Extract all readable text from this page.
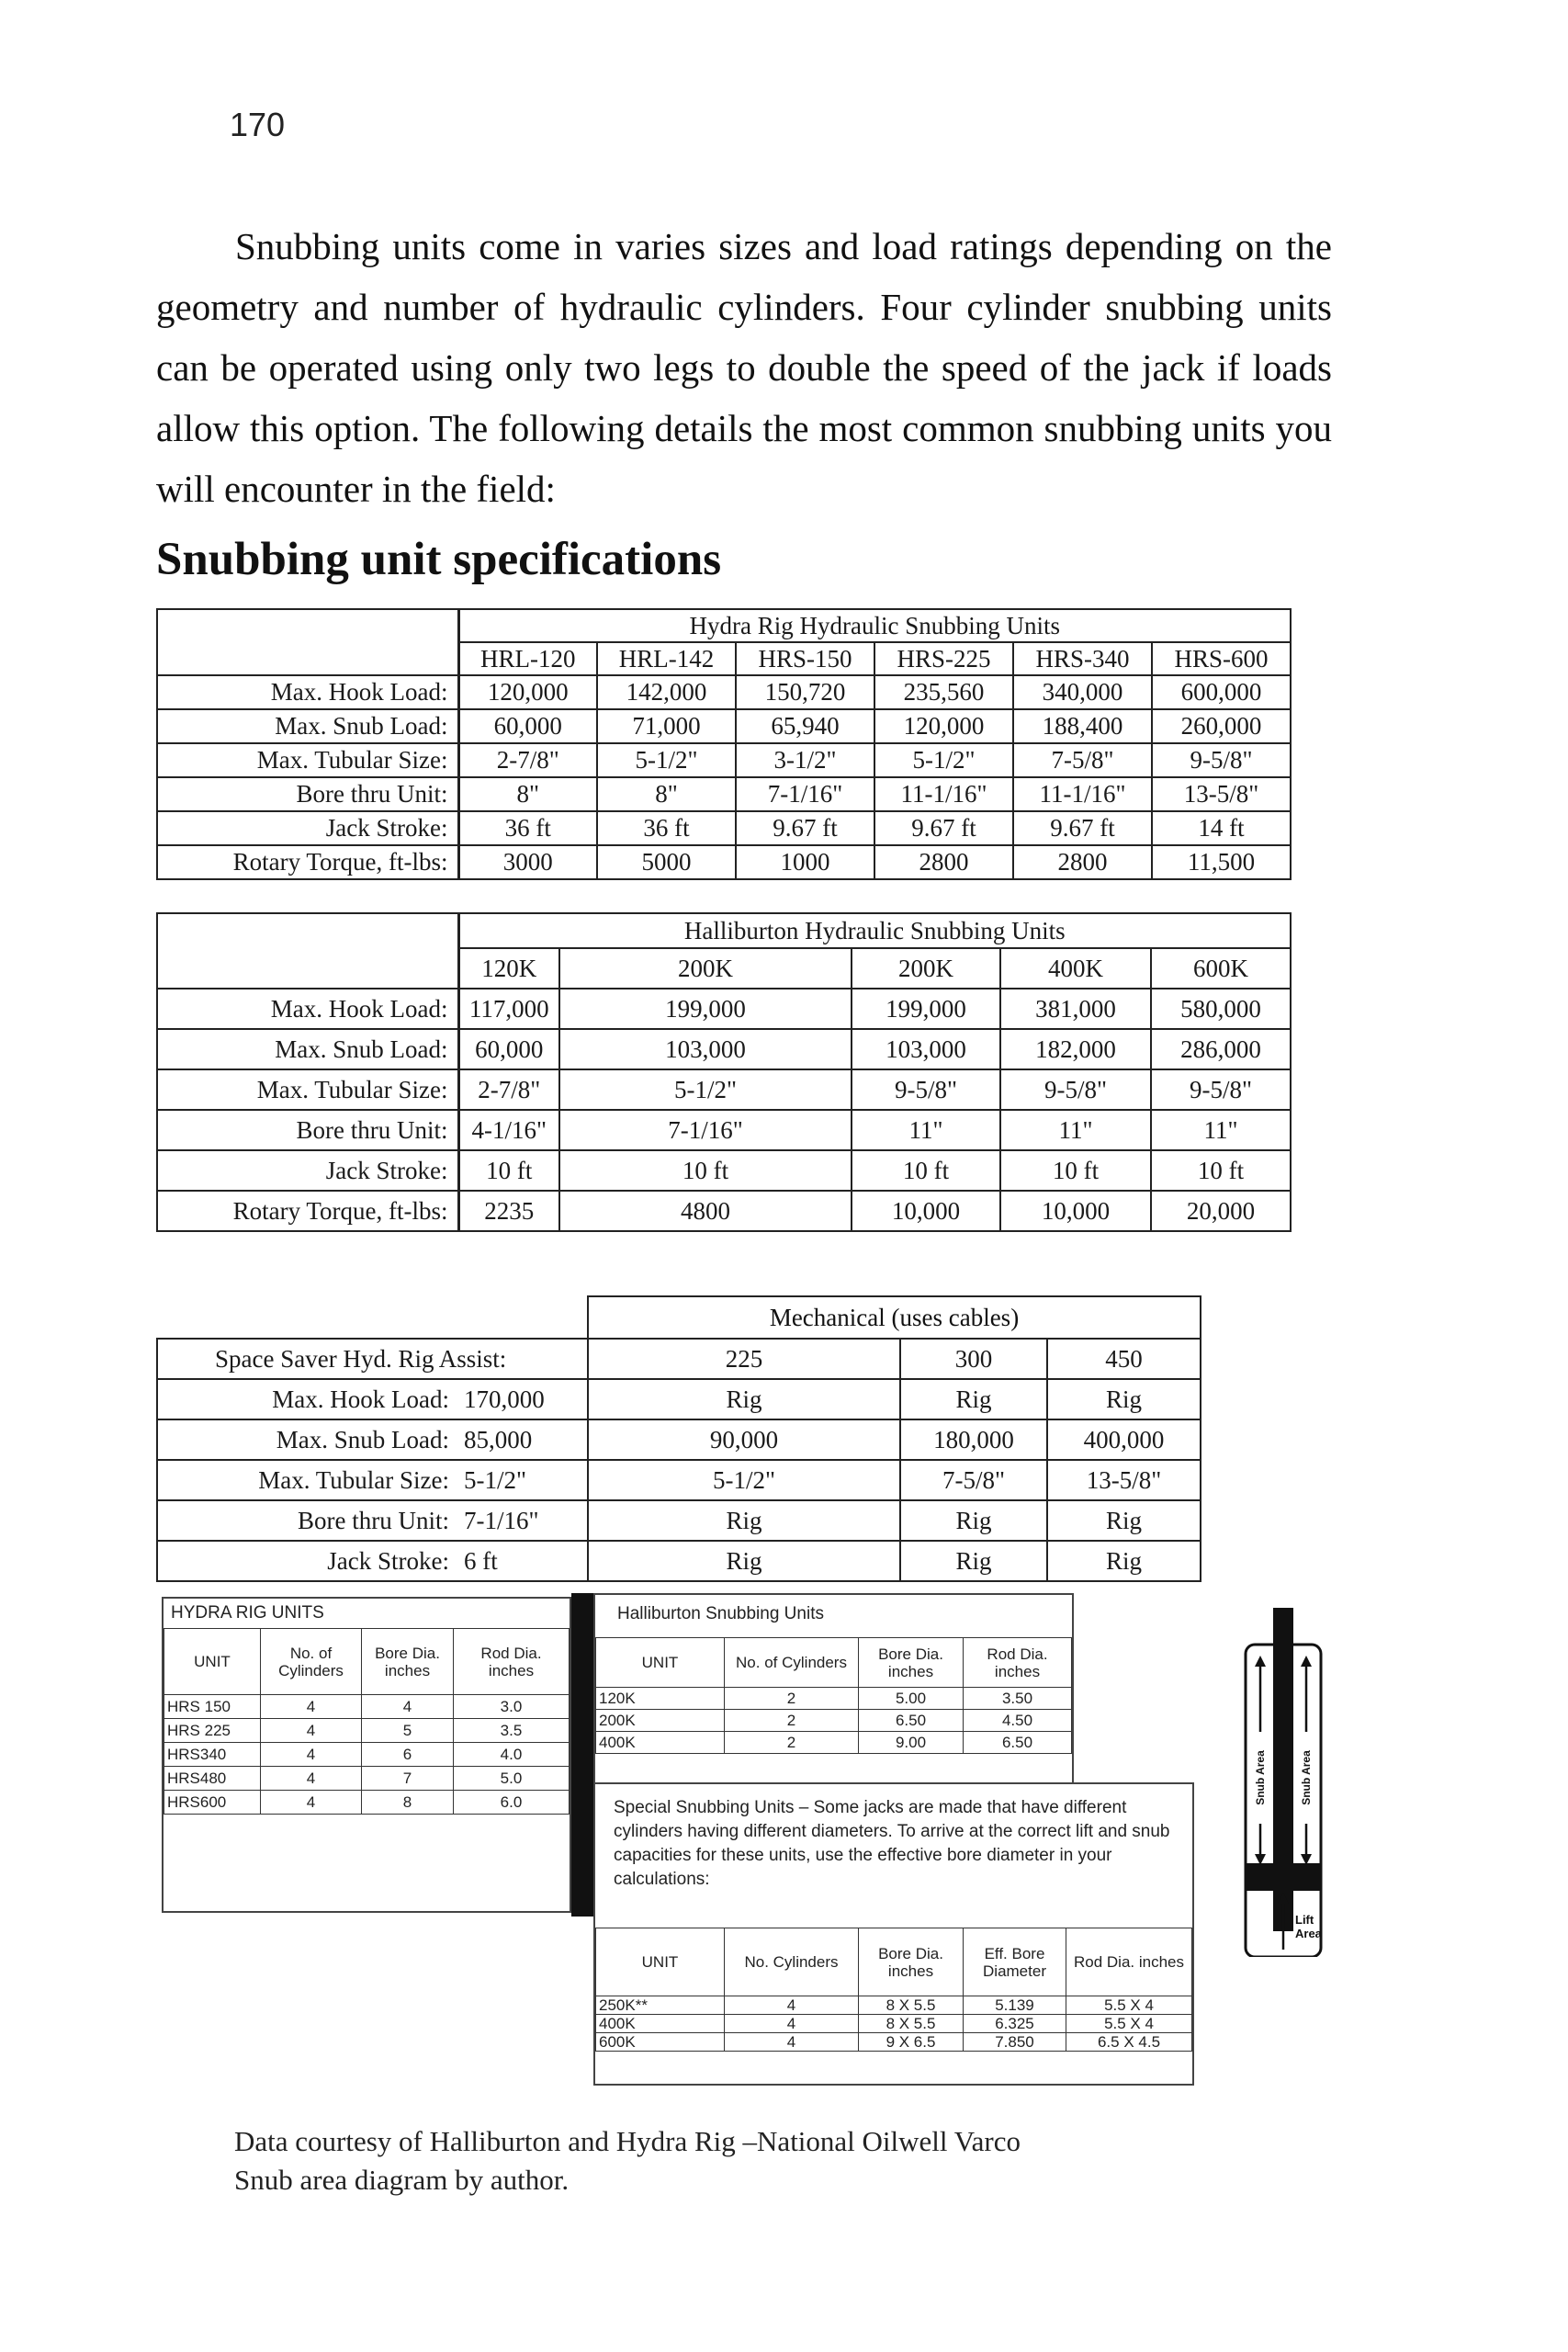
170

Snubbing units come in varies sizes and load ratings depending on the geometry and number of hydraulic cylinders. Four cylinder snubbing units can be operated using only two legs to double the speed of the jack if loads allow this option. The following details the most common snubbing units you will encounter in the field:

Snubbing unit specifications
	Hydra Rig Hydraulic Snubbing Units					
	HRL-120	HRL-142	HRS-150	HRS-225	HRS-340	HRS-600
Max. Hook Load:	120,000	142,000	150,720	235,560	340,000	600,000
Max. Snub Load:	60,000	71,000	65,940	120,000	188,400	260,000
Max. Tubular Size:	2-7/8"	5-1/2"	3-1/2"	5-1/2"	7-5/8"	9-5/8"
Bore thru Unit:	8"	8"	7-1/16"	11-1/16"	11-1/16"	13-5/8"
Jack Stroke:	36 ft	36 ft	9.67 ft	9.67 ft	9.67 ft	14 ft
Rotary Torque, ft-lbs:	3000	5000	1000	2800	2800	11,500
	Halliburton Hydraulic Snubbing Units				
	120K	200K	200K	400K	600K
Max. Hook Load:	117,000	199,000	199,000	381,000	580,000
Max. Snub Load:	60,000	103,000	103,000	182,000	286,000
Max. Tubular Size:	2-7/8"	5-1/2"	9-5/8"	9-5/8"	9-5/8"
Bore thru Unit:	4-1/16"	7-1/16"	11"	11"	11"
Jack Stroke:	10 ft	10 ft	10 ft	10 ft	10 ft
Rotary Torque, ft-lbs:	2235	4800	10,000	10,000	20,000
Mechanical (uses cables)
Space Saver Hyd. Rig Assist:		225	300	450
Max. Hook Load:	170,000	Rig	Rig	Rig
Max. Snub Load:	85,000	90,000	180,000	400,000
Max. Tubular Size:	5-1/2"	5-1/2"	7-5/8"	13-5/8"
Bore thru Unit:	7-1/16"	Rig	Rig	Rig
Jack Stroke:	6 ft	Rig	Rig	Rig
HYDRA RIG UNITS
UNIT	No. of Cylinders	Bore Dia. inches	Rod Dia. inches
HRS 150	4	4	3.0
HRS 225	4	5	3.5
HRS340	4	6	4.0
HRS480	4	7	5.0
HRS600	4	8	6.0
Halliburton Snubbing Units
UNIT	No. of Cylinders	Bore Dia. inches	Rod Dia. inches
120K	2	5.00	3.50
200K	2	6.50	4.50
400K	2	9.00	6.50
Special Snubbing Units – Some jacks are made that have different cylinders having different diameters. To arrive at the correct lift and snub capacities for these units, use the effective bore diameter in your calculations:
UNIT	No. Cylinders	Bore Dia. inches	Eff. Bore Diameter	Rod Dia. inches
250K**	4	8 X 5.5	5.139	5.5 X 4
400K	4	8 X 5.5	6.325	5.5 X 4
600K	4	9 X 6.5	7.850	6.5 X 4.5
Snub Area	Snub Area
Lift Area
Data courtesy of Halliburton and Hydra Rig –National Oilwell Varco
Snub area diagram by author.
